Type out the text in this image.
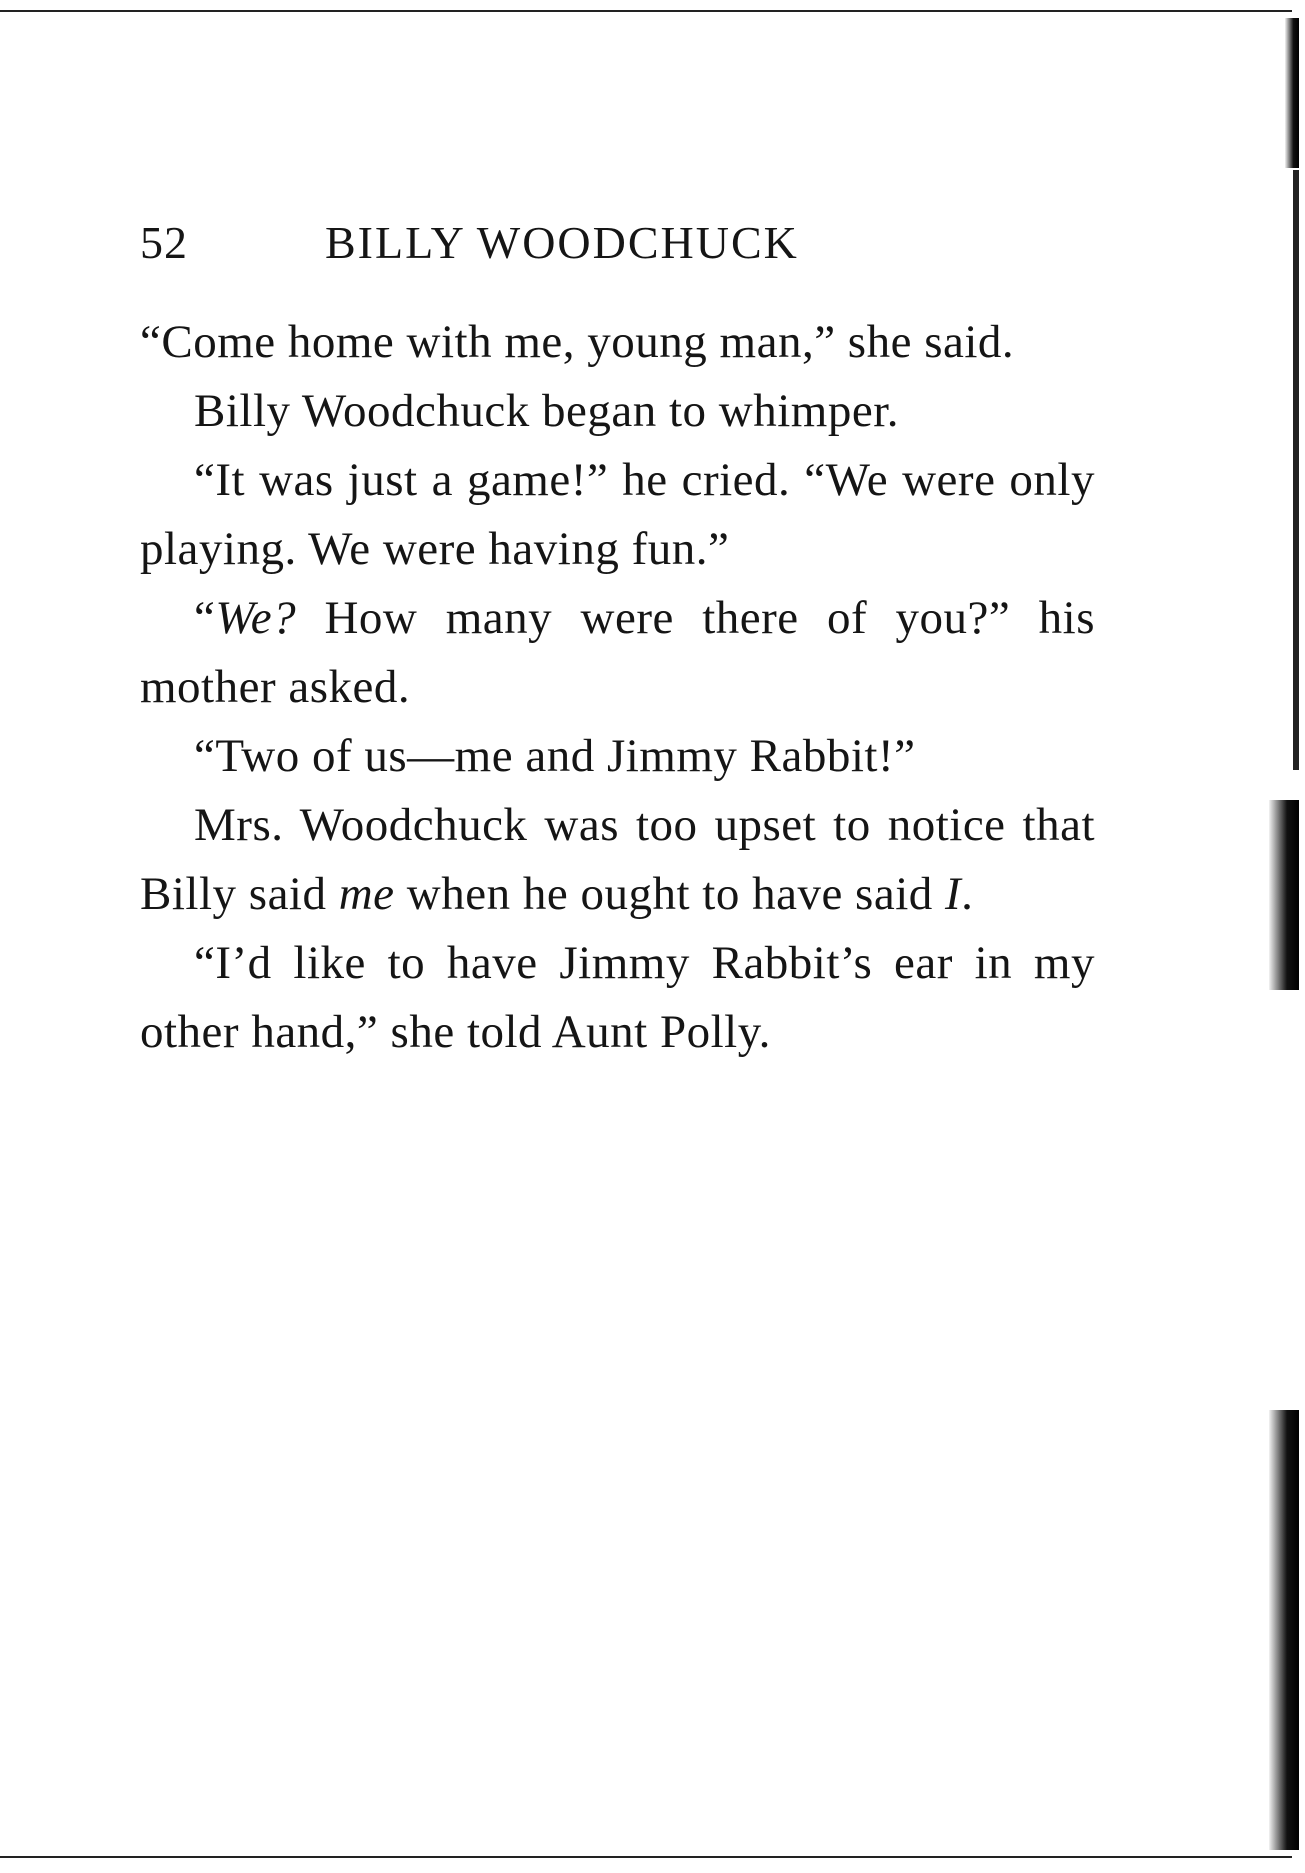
52	BILLY WOODCHUCK

“Come home with me, young man,” she said.

Billy Woodchuck began to whimper.

“It was just a game!” he cried. “We were only playing. We were having fun.”

“We? How many were there of you?” his mother asked.

“Two of us—me and Jimmy Rabbit!”

Mrs. Woodchuck was too upset to notice that Billy said me when he ought to have said I.

“I’d like to have Jimmy Rabbit’s ear in my other hand,” she told Aunt Polly.
